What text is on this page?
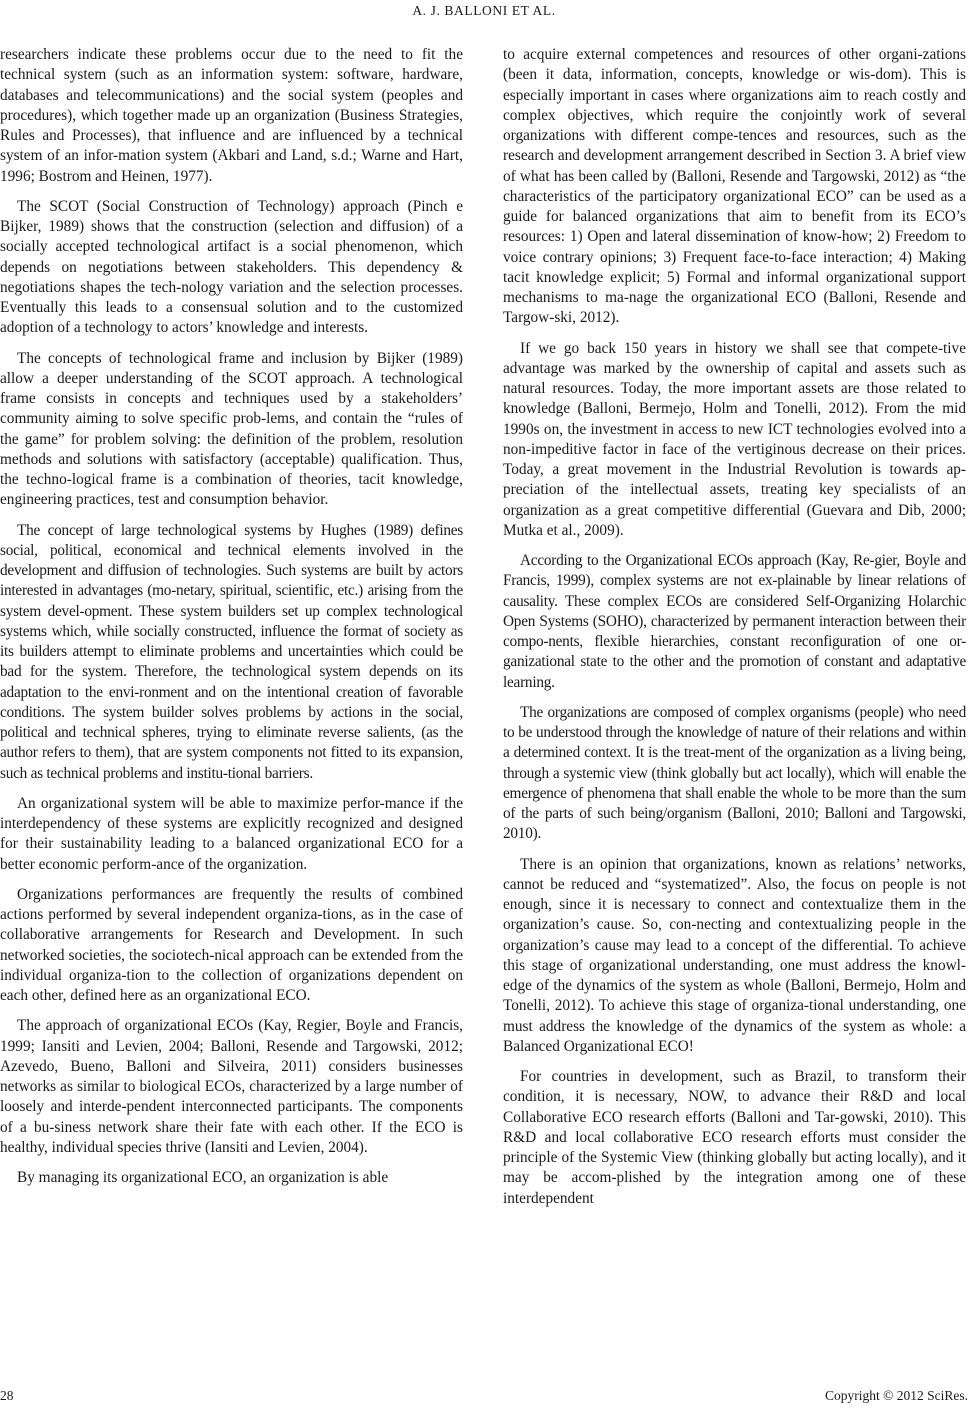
A. J. BALLONI ET AL.

researchers indicate these problems occur due to the need to fit the technical system (such as an information system: software, hardware, databases and telecommunications) and the social system (peoples and procedures), which together made up an organization (Business Strategies, Rules and Processes), that influence and are influenced by a technical system of an infor-mation system (Akbari and Land, s.d.; Warne and Hart, 1996; Bostrom and Heinen, 1977).

The SCOT (Social Construction of Technology) approach (Pinch e Bijker, 1989) shows that the construction (selection and diffusion) of a socially accepted technological artifact is a social phenomenon, which depends on negotiations between stakeholders. This dependency & negotiations shapes the tech-nology variation and the selection processes. Eventually this leads to a consensual solution and to the customized adoption of a technology to actors’ knowledge and interests.

The concepts of technological frame and inclusion by Bijker (1989) allow a deeper understanding of the SCOT approach. A technological frame consists in concepts and techniques used by a stakeholders’ community aiming to solve specific prob-lems, and contain the “rules of the game” for problem solving: the definition of the problem, resolution methods and solutions with satisfactory (acceptable) qualification. Thus, the techno-logical frame is a combination of theories, tacit knowledge, engineering practices, test and consumption behavior.

The concept of large technological systems by Hughes (1989) defines social, political, economical and technical elements involved in the development and diffusion of technologies. Such systems are built by actors interested in advantages (mo-netary, spiritual, scientific, etc.) arising from the system devel-opment. These system builders set up complex technological systems which, while socially constructed, influence the format of society as its builders attempt to eliminate problems and uncertainties which could be bad for the system. Therefore, the technological system depends on its adaptation to the envi-ronment and on the intentional creation of favorable conditions. The system builder solves problems by actions in the social, political and technical spheres, trying to eliminate reverse salients, (as the author refers to them), that are system components not fitted to its expansion, such as technical problems and institu-tional barriers.

An organizational system will be able to maximize perfor-mance if the interdependency of these systems are explicitly recognized and designed for their sustainability leading to a balanced organizational ECO for a better economic perform-ance of the organization.

Organizations performances are frequently the results of combined actions performed by several independent organiza-tions, as in the case of collaborative arrangements for Research and Development. In such networked societies, the sociotech-nical approach can be extended from the individual organiza-tion to the collection of organizations dependent on each other, defined here as an organizational ECO.

The approach of organizational ECOs (Kay, Regier, Boyle and Francis, 1999; Iansiti and Levien, 2004; Balloni, Resende and Targowski, 2012; Azevedo, Bueno, Balloni and Silveira, 2011) considers businesses networks as similar to biological ECOs, characterized by a large number of loosely and interde-pendent interconnected participants. The components of a bu-siness network share their fate with each other. If the ECO is healthy, individual species thrive (Iansiti and Levien, 2004).

By managing its organizational ECO, an organization is able

to acquire external competences and resources of other organi-zations (been it data, information, concepts, knowledge or wis-dom). This is especially important in cases where organizations aim to reach costly and complex objectives, which require the conjointly work of several organizations with different compe-tences and resources, such as the research and development arrangement described in Section 3. A brief view of what has been called by (Balloni, Resende and Targowski, 2012) as “the characteristics of the participatory organizational ECO” can be used as a guide for balanced organizations that aim to benefit from its ECO’s resources: 1) Open and lateral dissemination of know-how; 2) Freedom to voice contrary opinions; 3) Frequent face-to-face interaction; 4) Making tacit knowledge explicit; 5) Formal and informal organizational support mechanisms to ma-nage the organizational ECO (Balloni, Resende and Targow-ski, 2012).

If we go back 150 years in history we shall see that compete-tive advantage was marked by the ownership of capital and assets such as natural resources. Today, the more important assets are those related to knowledge (Balloni, Bermejo, Holm and Tonelli, 2012). From the mid 1990s on, the investment in access to new ICT technologies evolved into a non-impeditive factor in face of the vertiginous decrease on their prices. Today, a great movement in the Industrial Revolution is towards ap-preciation of the intellectual assets, treating key specialists of an organization as a great competitive differential (Guevara and Dib, 2000; Mutka et al., 2009).

According to the Organizational ECOs approach (Kay, Re-gier, Boyle and Francis, 1999), complex systems are not ex-plainable by linear relations of causality. These complex ECOs are considered Self-Organizing Holarchic Open Systems (SOHO), characterized by permanent interaction between their compo-nents, flexible hierarchies, constant reconfiguration of one or-ganizational state to the other and the promotion of constant and adaptative learning.

The organizations are composed of complex organisms (people) who need to be understood through the knowledge of nature of their relations and within a determined context. It is the treat-ment of the organization as a living being, through a systemic view (think globally but act locally), which will enable the emergence of phenomena that shall enable the whole to be more than the sum of the parts of such being/organism (Balloni, 2010; Balloni and Targowski, 2010).

There is an opinion that organizations, known as relations’ networks, cannot be reduced and “systematized”. Also, the focus on people is not enough, since it is necessary to connect and contextualize them in the organization’s cause. So, con-necting and contextualizing people in the organization’s cause may lead to a concept of the differential. To achieve this stage of organizational understanding, one must address the knowl-edge of the dynamics of the system as whole (Balloni, Bermejo, Holm and Tonelli, 2012). To achieve this stage of organiza-tional understanding, one must address the knowledge of the dynamics of the system as whole: a Balanced Organizational ECO!

For countries in development, such as Brazil, to transform their condition, it is necessary, NOW, to advance their R&D and local Collaborative ECO research efforts (Balloni and Tar-gowski, 2010). This R&D and local collaborative ECO research efforts must consider the principle of the Systemic View (thinking globally but acting locally), and it may be accom-plished by the integration among one of these interdependent

28	Copyright © 2012 SciRes.
